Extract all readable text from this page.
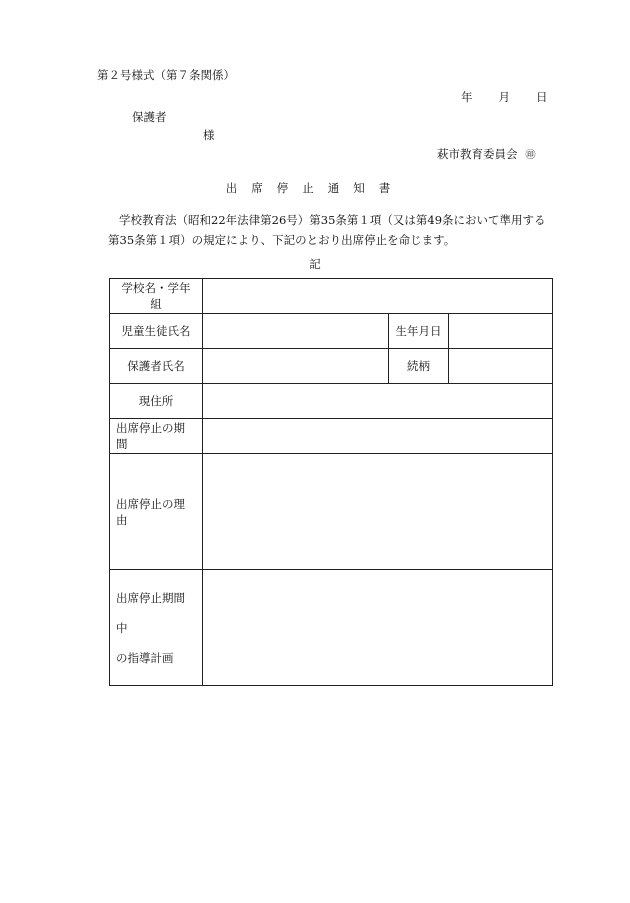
第２号様式（第７条関係）
年 月 日
保護者
様
萩市教育委員会 ㊞
出席停止通知書
学校教育法（昭和22年法律第26号）第35条第１項（又は第49条において準用する第35条第１項）の規定により、下記のとおり出席停止を命じます。
記
学校名・学年組			
児童生徒氏名		生年月日	
保護者氏名		続柄	
現住所			
出席停止の期間			
出席停止の理由			

出席停止期間中
の指導計画			
